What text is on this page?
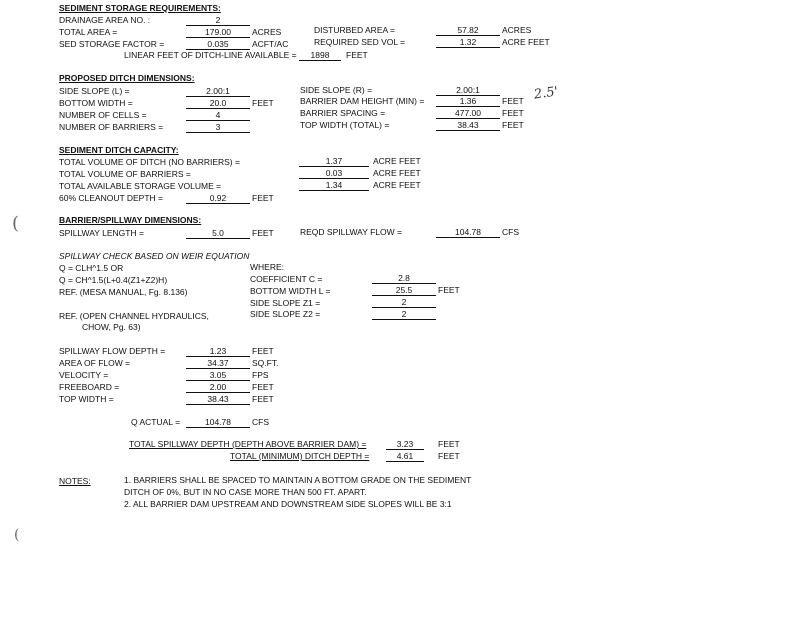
SEDIMENT STORAGE REQUIREMENTS:
DRAINAGE AREA NO. :	2
TOTAL AREA =	179.00	ACRES	DISTURBED AREA =	57.82	ACRES
SED STORAGE FACTOR =	0.035	ACFT/AC	REQUIRED SED VOL =	1.32	ACRE FEET
LINEAR FEET OF DITCH-LINE AVAILABLE =	1898	FEET
PROPOSED DITCH DIMENSIONS:
SIDE SLOPE (L) =	2.00:1	SIDE SLOPE (R) =	2.00:1
BOTTOM WIDTH =	20.0	FEET	BARRIER DAM HEIGHT (MIN) =	1.36	FEET 2.5'
NUMBER OF CELLS =	4	BARRIER SPACING =	477.00	FEET
NUMBER OF BARRIERS =	3	TOP WIDTH (TOTAL) =	38.43	FEET
SEDIMENT DITCH CAPACITY:
TOTAL VOLUME OF DITCH (NO BARRIERS) =	1.37	ACRE FEET
TOTAL VOLUME OF BARRIERS =	0.03	ACRE FEET
TOTAL AVAILABLE STORAGE VOLUME =	1.34	ACRE FEET
60% CLEANOUT DEPTH =	0.92	FEET
(	BARRIER/SPILLWAY DIMENSIONS:
SPILLWAY LENGTH =	5.0	FEET	REQD SPILLWAY FLOW =	104.78	CFS
SPILLWAY CHECK BASED ON WEIR EQUATION
Q = CLH^1.5 OR	WHERE:
Q = CH^1.5(L+0.4(Z1+Z2)H)	COEFFICIENT C =	2.8
REF. (MESA MANUAL, Fg. 8.136)	BOTTOM WIDTH L =	25.5	FEET
SIDE SLOPE Z1 =	2
REF. (OPEN CHANNEL HYDRAULICS,	SIDE SLOPE Z2 =	2
CHOW, Pg. 63)
SPILLWAY FLOW DEPTH =	1.23	FEET
AREA OF FLOW =	34.37	SQ.FT.
VELOCITY =	3.05	FPS
FREEBOARD =	2.00	FEET
TOP WIDTH =	38.43	FEET
Q ACTUAL =	104.78	CFS
TOTAL SPILLWAY DEPTH (DEPTH ABOVE BARRIER DAM) =	3.23	FEET
TOTAL (MINIMUM) DITCH DEPTH =	4.61	FEET
NOTES:	1. BARRIERS SHALL BE SPACED TO MAINTAIN A BOTTOM GRADE ON THE SEDIMENT
DITCH OF 0%, BUT IN NO CASE MORE THAN 500 FT. APART.
2. ALL BARRIER DAM UPSTREAM AND DOWNSTREAM SIDE SLOPES WILL BE 3:1
(
